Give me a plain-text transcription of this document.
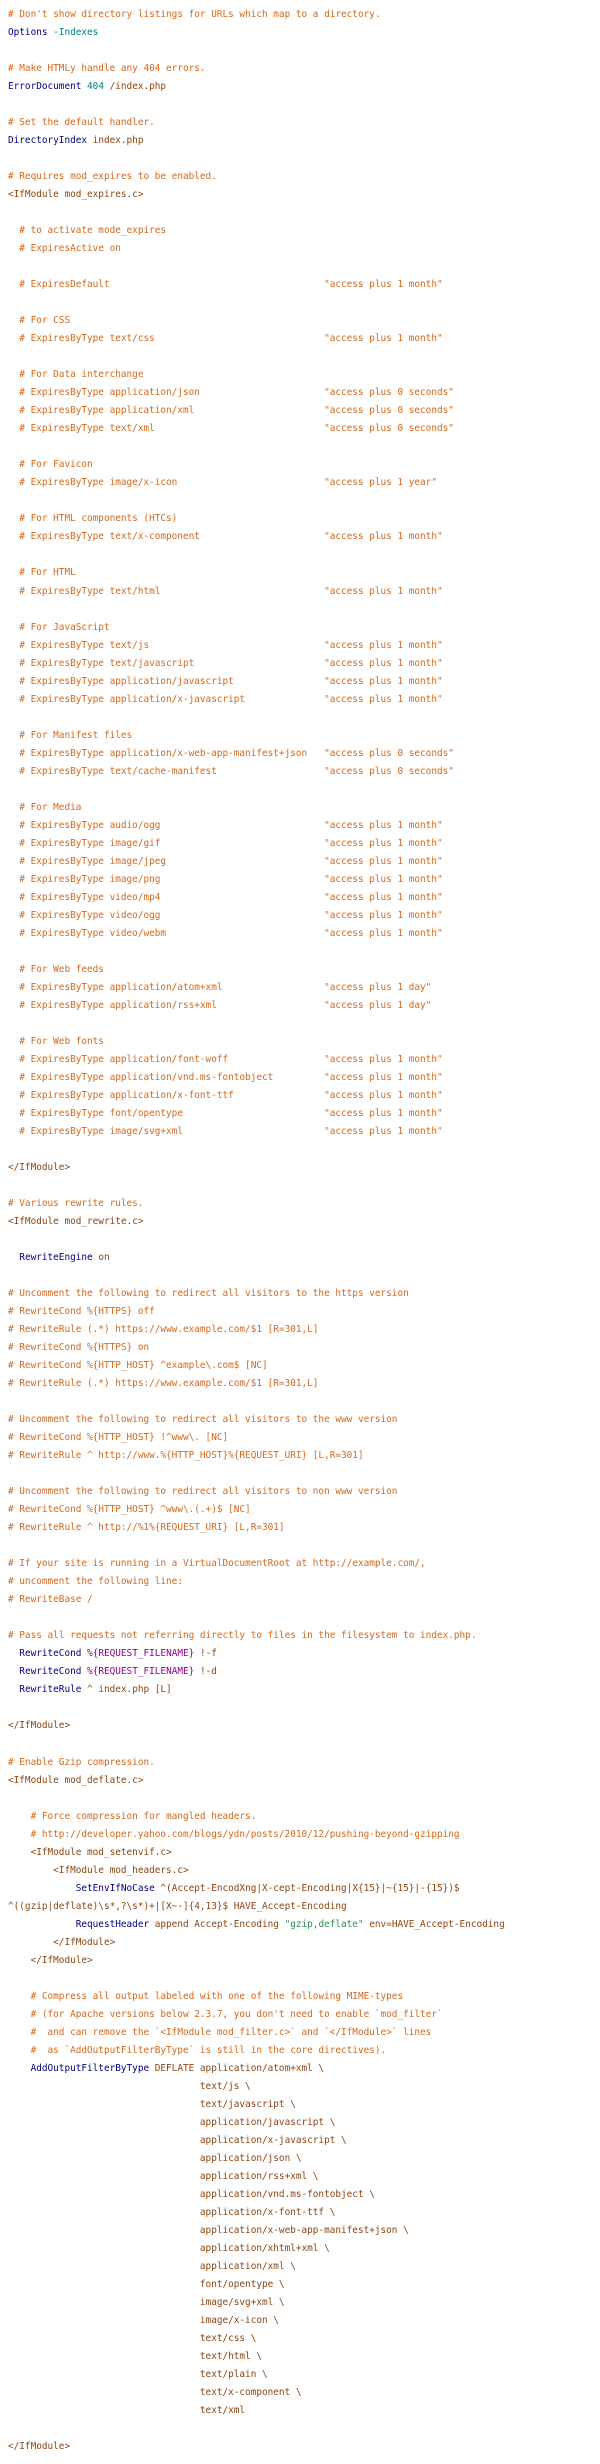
# Don't show directory listings for URLs which map to a directory.
Options -Indexes

# Make HTMLy handle any 404 errors.
ErrorDocument 404 /index.php

# Set the default handler.
DirectoryIndex index.php

# Requires mod_expires to be enabled.
<IfModule mod_expires.c>

# to activate mode_expires
# ExpiresActive on

# ExpiresDefault                                      "access plus 1 month"

# For CSS
# ExpiresByType text/css                              "access plus 1 month"

# For Data interchange
# ExpiresByType application/json                      "access plus 0 seconds"
# ExpiresByType application/xml                       "access plus 0 seconds"
# ExpiresByType text/xml                              "access plus 0 seconds"

# For Favicon
# ExpiresByType image/x-icon                          "access plus 1 year"

# For HTML components (HTCs)
# ExpiresByType text/x-component                      "access plus 1 month"

# For HTML
# ExpiresByType text/html                             "access plus 1 month"

# For JavaScript
# ExpiresByType text/js                               "access plus 1 month"
# ExpiresByType text/javascript                       "access plus 1 month"
# ExpiresByType application/javascript                "access plus 1 month"
# ExpiresByType application/x-javascript              "access plus 1 month"

# For Manifest files
# ExpiresByType application/x-web-app-manifest+json   "access plus 0 seconds"
# ExpiresByType text/cache-manifest                   "access plus 0 seconds"

# For Media
# ExpiresByType audio/ogg                             "access plus 1 month"
# ExpiresByType image/gif                             "access plus 1 month"
# ExpiresByType image/jpeg                            "access plus 1 month"
# ExpiresByType image/png                             "access plus 1 month"
# ExpiresByType video/mp4                             "access plus 1 month"
# ExpiresByType video/ogg                             "access plus 1 month"
# ExpiresByType video/webm                            "access plus 1 month"

# For Web feeds
# ExpiresByType application/atom+xml                  "access plus 1 day"
# ExpiresByType application/rss+xml                   "access plus 1 day"

# For Web fonts
# ExpiresByType application/font-woff                 "access plus 1 month"
# ExpiresByType application/vnd.ms-fontobject         "access plus 1 month"
# ExpiresByType application/x-font-ttf                "access plus 1 month"
# ExpiresByType font/opentype                         "access plus 1 month"
# ExpiresByType image/svg+xml                         "access plus 1 month"

</IfModule>

# Various rewrite rules.
<IfModule mod_rewrite.c>

RewriteEngine on

# Uncomment the following to redirect all visitors to the https version
# RewriteCond %{HTTPS} off
# RewriteRule (.*) https://www.example.com/$1 [R=301,L]
# RewriteCond %{HTTPS} on
# RewriteCond %{HTTP_HOST} ^example\.com$ [NC]
# RewriteRule (.*) https://www.example.com/$1 [R=301,L]

# Uncomment the following to redirect all visitors to the www version
# RewriteCond %{HTTP_HOST} !^www\. [NC]
# RewriteRule ^ http://www.%{HTTP_HOST}%{REQUEST_URI} [L,R=301]

# Uncomment the following to redirect all visitors to non www version
# RewriteCond %{HTTP_HOST} ^www\.(.+)$ [NC]
# RewriteRule ^ http://%1%{REQUEST_URI} [L,R=301]

# If your site is running in a VirtualDocumentRoot at http://example.com/,
# uncomment the following line:
# RewriteBase /

# Pass all requests not referring directly to files in the filesystem to index.php.
RewriteCond %{REQUEST_FILENAME} !-f
RewriteCond %{REQUEST_FILENAME} !-d
RewriteRule ^ index.php [L]

</IfModule>

# Enable Gzip compression.
<IfModule mod_deflate.c>

# Force compression for mangled headers.
# http://developer.yahoo.com/blogs/ydn/posts/2010/12/pushing-beyond-gzipping
<IfModule mod_setenvif.c>
<IfModule mod_headers.c>
SetEnvIfNoCase ^(Accept-EncodXng|X-cept-Encoding|X{15}|~{15}|-{15})$
^((gzip|deflate)\s*,?\s*)+|[X~-]{4,13}$ HAVE_Accept-Encoding
RequestHeader append Accept-Encoding "gzip,deflate" env=HAVE_Accept-Encoding
</IfModule>
</IfModule>

# Compress all output labeled with one of the following MIME-types
# (for Apache versions below 2.3.7, you don't need to enable `mod_filter`
#  and can remove the `<IfModule mod_filter.c>` and `</IfModule>` lines
#  as `AddOutputFilterByType` is still in the core directives).
AddOutputFilterByType DEFLATE application/atom+xml \
text/js \
text/javascript \
application/javascript \
application/x-javascript \
application/json \
application/rss+xml \
application/vnd.ms-fontobject \
application/x-font-ttf \
application/x-web-app-manifest+json \
application/xhtml+xml \
application/xml \
font/opentype \
image/svg+xml \
image/x-icon \
text/css \
text/html \
text/plain \
text/x-component \
text/xml

</IfModule>
